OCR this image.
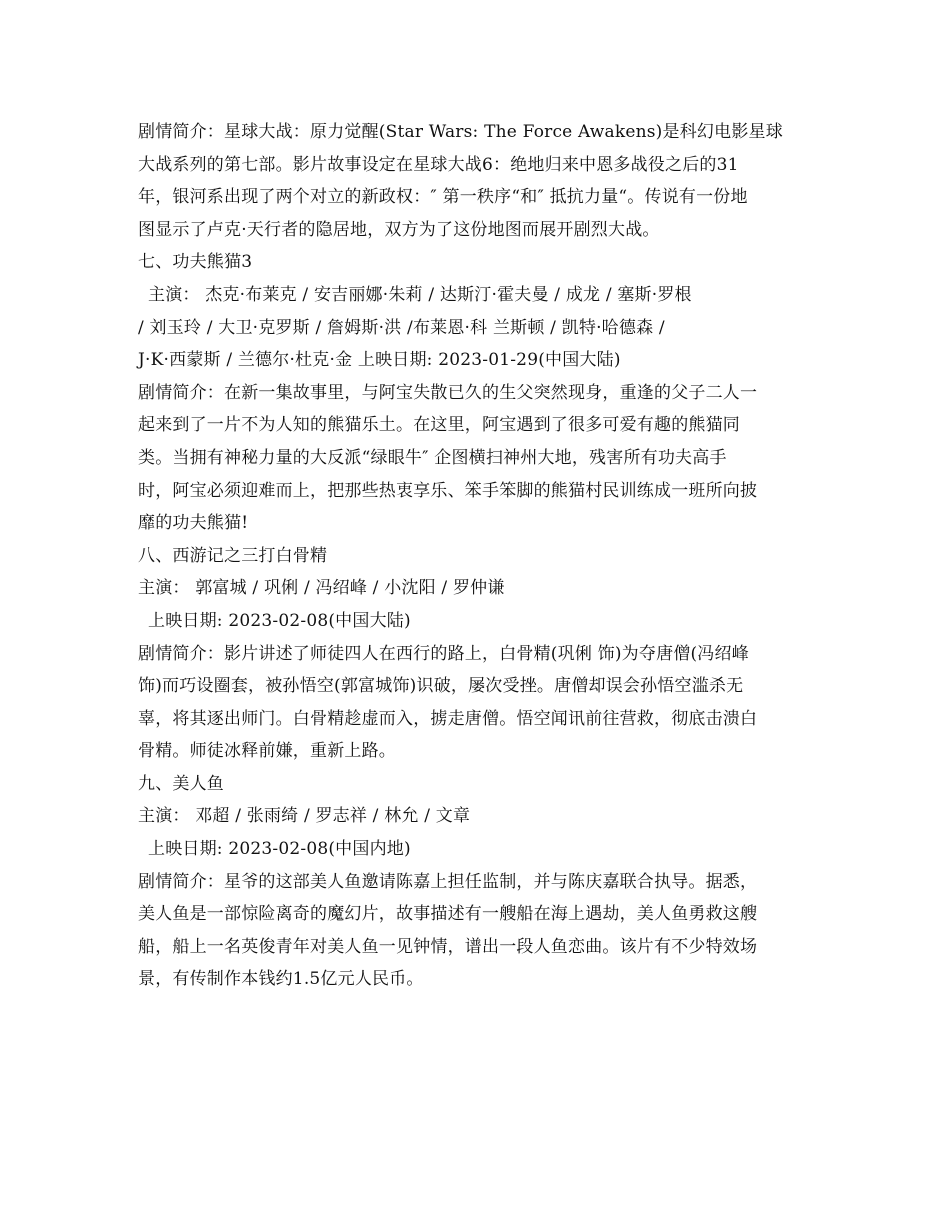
剧情简介：星球大战：原力觉醒(Star Wars: The Force Awakens)是科幻电影星球
大战系列的第七部。影片故事设定在星球大战6：绝地归来中恩多战役之后的31
年，银河系出现了两个对立的新政权：″ 第一秩序“和″ 抵抗力量“。传说有一份地
图显示了卢克·天行者的隐居地，双方为了这份地图而展开剧烈大战。
七、功夫熊猫3
主演： 杰克·布莱克 / 安吉丽娜·朱莉 / 达斯汀·霍夫曼 / 成龙 / 塞斯·罗根
/ 刘玉玲 / 大卫·克罗斯 / 詹姆斯·洪 /布莱恩·科 兰斯顿 / 凯特·哈德森 /
J·K·西蒙斯 / 兰德尔·杜克·金 上映日期: 2023-01-29(中国大陆)
剧情简介：在新一集故事里，与阿宝失散已久的生父突然现身，重逢的父子二人一
起来到了一片不为人知的熊猫乐土。在这里，阿宝遇到了很多可爱有趣的熊猫同
类。当拥有神秘力量的大反派“绿眼牛″ 企图横扫神州大地，残害所有功夫高手
时，阿宝必须迎难而上，把那些热衷享乐、笨手笨脚的熊猫村民训练成一班所向披
靡的功夫熊猫!
八、西游记之三打白骨精
主演： 郭富城 / 巩俐 / 冯绍峰 / 小沈阳 / 罗仲谦
上映日期: 2023-02-08(中国大陆)
剧情简介：影片讲述了师徒四人在西行的路上，白骨精(巩俐 饰)为夺唐僧(冯绍峰
饰)而巧设圈套，被孙悟空(郭富城饰)识破，屡次受挫。唐僧却误会孙悟空滥杀无
辜，将其逐出师门。白骨精趁虚而入，掳走唐僧。悟空闻讯前往营救，彻底击溃白
骨精。师徒冰释前嫌，重新上路。
九、美人鱼
主演： 邓超 / 张雨绮 / 罗志祥 / 林允 / 文章
上映日期: 2023-02-08(中国内地)
剧情简介：星爷的这部美人鱼邀请陈嘉上担任监制，并与陈庆嘉联合执导。据悉，
美人鱼是一部惊险离奇的魔幻片，故事描述有一艘船在海上遇劫，美人鱼勇救这艘
船，船上一名英俊青年对美人鱼一见钟情，谱出一段人鱼恋曲。该片有不少特效场
景，有传制作本钱约1.5亿元人民币。
